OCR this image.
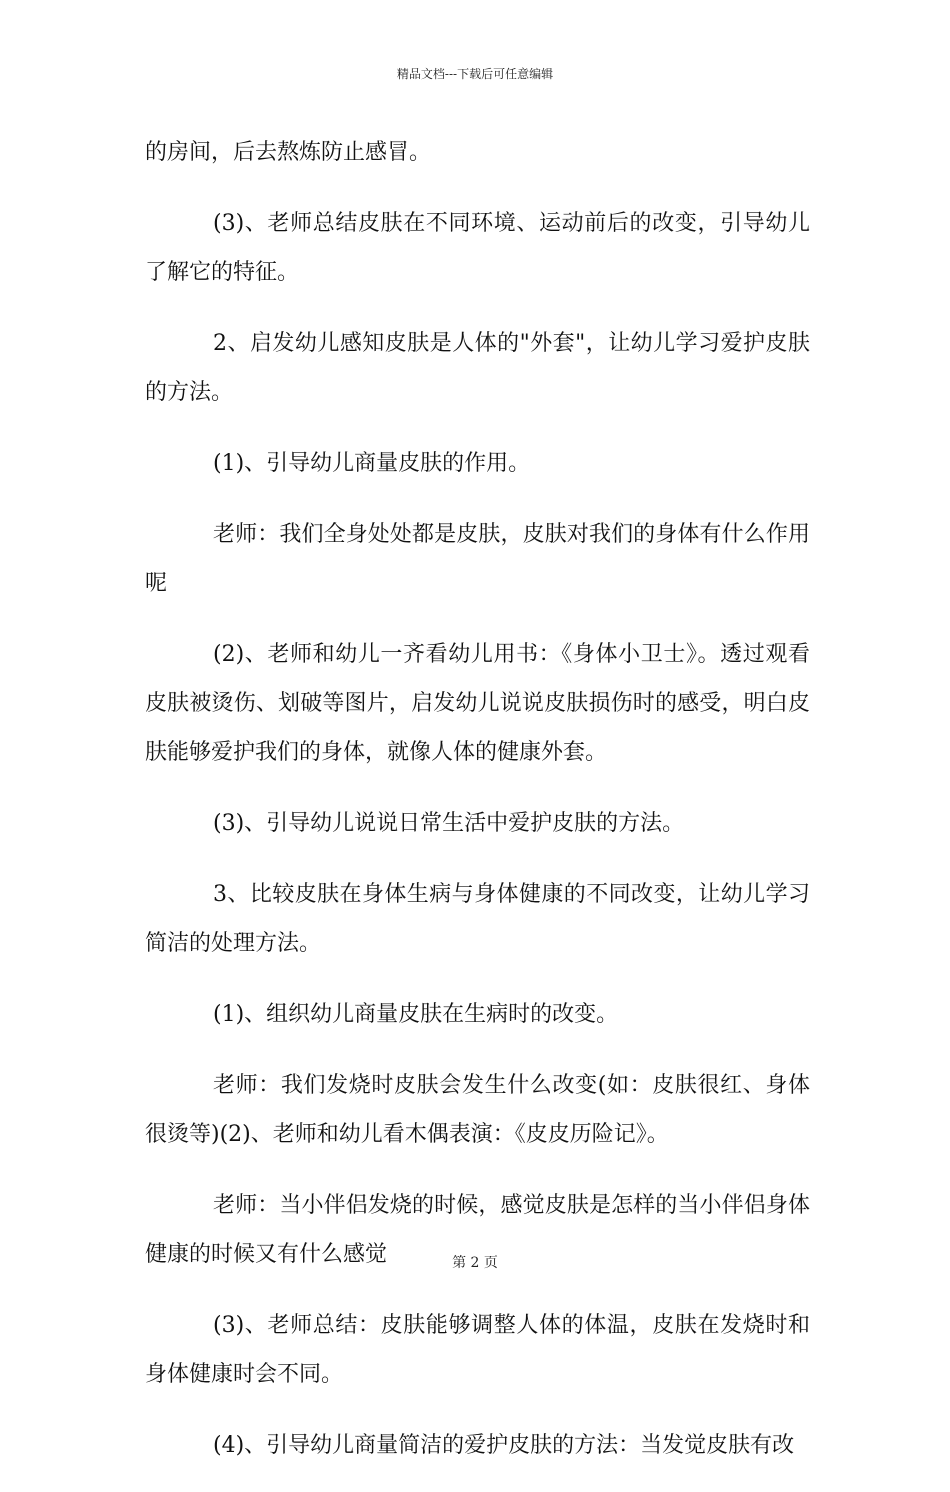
精品文档---下载后可任意编辑

的房间，后去熬炼防止感冒。

(3)、老师总结皮肤在不同环境、运动前后的改变，引导幼儿了解它的特征。

2、启发幼儿感知皮肤是人体的"外套"，让幼儿学习爱护皮肤的方法。

(1)、引导幼儿商量皮肤的作用。

老师：我们全身处处都是皮肤，皮肤对我们的身体有什么作用呢

(2)、老师和幼儿一齐看幼儿用书：《身体小卫士》。透过观看皮肤被烫伤、划破等图片，启发幼儿说说皮肤损伤时的感受，明白皮肤能够爱护我们的身体，就像人体的健康外套。

(3)、引导幼儿说说日常生活中爱护皮肤的方法。

3、比较皮肤在身体生病与身体健康的不同改变，让幼儿学习简洁的处理方法。

(1)、组织幼儿商量皮肤在生病时的改变。

老师：我们发烧时皮肤会发生什么改变(如：皮肤很红、身体很烫等)(2)、老师和幼儿看木偶表演：《皮皮历险记》。

老师：当小伴侣发烧的时候，感觉皮肤是怎样的当小伴侣身体健康的时候又有什么感觉

(3)、老师总结：皮肤能够调整人体的体温，皮肤在发烧时和身体健康时会不同。

(4)、引导幼儿商量简洁的爱护皮肤的方法：当发觉皮肤有改

第 2 页
